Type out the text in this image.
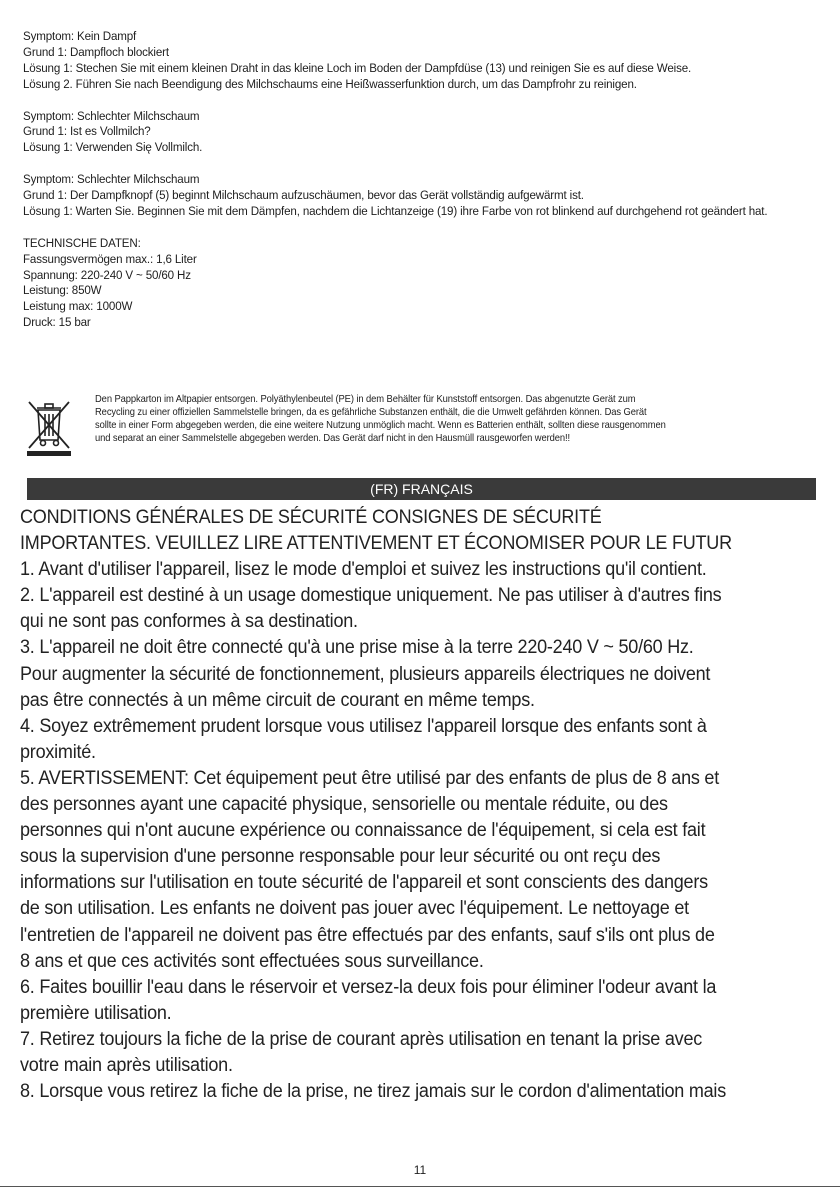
Symptom: Kein Dampf
Grund 1: Dampfloch blockiert
Lösung 1: Stechen Sie mit einem kleinen Draht in das kleine Loch im Boden der Dampfdüse (13) und reinigen Sie es auf diese Weise.
Lösung 2. Führen Sie nach Beendigung des Milchschaums eine Heißwasserfunktion durch, um das Dampfrohr zu reinigen.

Symptom: Schlechter Milchschaum
Grund 1: Ist es Vollmilch?
Lösung 1: Verwenden Się Vollmilch.

Symptom: Schlechter Milchschaum
Grund 1: Der Dampfknopf (5) beginnt Milchschaum aufzuschäumen, bevor das Gerät vollständig aufgewärmt ist.
Lösung 1: Warten Sie. Beginnen Sie mit dem Dämpfen, nachdem die Lichtanzeige (19) ihre Farbe von rot blinkend auf durchgehend rot geändert hat.

TECHNISCHE DATEN:
Fassungsvermögen max.: 1,6 Liter
Spannung: 220-240 V ~ 50/60 Hz
Leistung: 850W
Leistung max: 1000W
Druck: 15 bar

Den Pappkarton im Altpapier entsorgen. Polyäthylenbeutel (PE) in dem Behälter für Kunststoff entsorgen. Das abgenutzte Gerät zum
Recycling zu einer offiziellen Sammelstelle bringen, da es gefährliche Substanzen enthält, die die Umwelt gefährden können. Das Gerät
sollte in einer Form abgegeben werden, die eine weitere Nutzung unmöglich macht. Wenn es Batterien enthält, sollten diese rausgenommen
und separat an einer Sammelstelle abgegeben werden. Das Gerät darf nicht in den Hausmüll rausgeworfen werden!!
(FR) FRANÇAIS
CONDITIONS GÉNÉRALES DE SÉCURITÉ CONSIGNES DE SÉCURITÉ
IMPORTANTES. VEUILLEZ LIRE ATTENTIVEMENT ET ÉCONOMISER POUR LE FUTUR
1. Avant d'utiliser l'appareil, lisez le mode d'emploi et suivez les instructions qu'il contient.
2. L'appareil est destiné à un usage domestique uniquement. Ne pas utiliser à d'autres fins
qui ne sont pas conformes à sa destination.
3. L'appareil ne doit être connecté qu'à une prise mise à la terre 220-240 V ~ 50/60 Hz.
Pour augmenter la sécurité de fonctionnement, plusieurs appareils électriques ne doivent
pas être connectés à un même circuit de courant en même temps.
4. Soyez extrêmement prudent lorsque vous utilisez l'appareil lorsque des enfants sont à
proximité.
5. AVERTISSEMENT: Cet équipement peut être utilisé par des enfants de plus de 8 ans et
des personnes ayant une capacité physique, sensorielle ou mentale réduite, ou des
personnes qui n'ont aucune expérience ou connaissance de l'équipement, si cela est fait
sous la supervision d'une personne responsable pour leur sécurité ou ont reçu des
informations sur l'utilisation en toute sécurité de l'appareil et sont conscients des dangers
de son utilisation. Les enfants ne doivent pas jouer avec l'équipement. Le nettoyage et
l'entretien de l'appareil ne doivent pas être effectués par des enfants, sauf s'ils ont plus de
8 ans et que ces activités sont effectuées sous surveillance.
6. Faites bouillir l'eau dans le réservoir et versez-la deux fois pour éliminer l'odeur avant la
première utilisation.
7. Retirez toujours la fiche de la prise de courant après utilisation en tenant la prise avec
votre main après utilisation.
8. Lorsque vous retirez la fiche de la prise, ne tirez jamais sur le cordon d'alimentation mais
11
